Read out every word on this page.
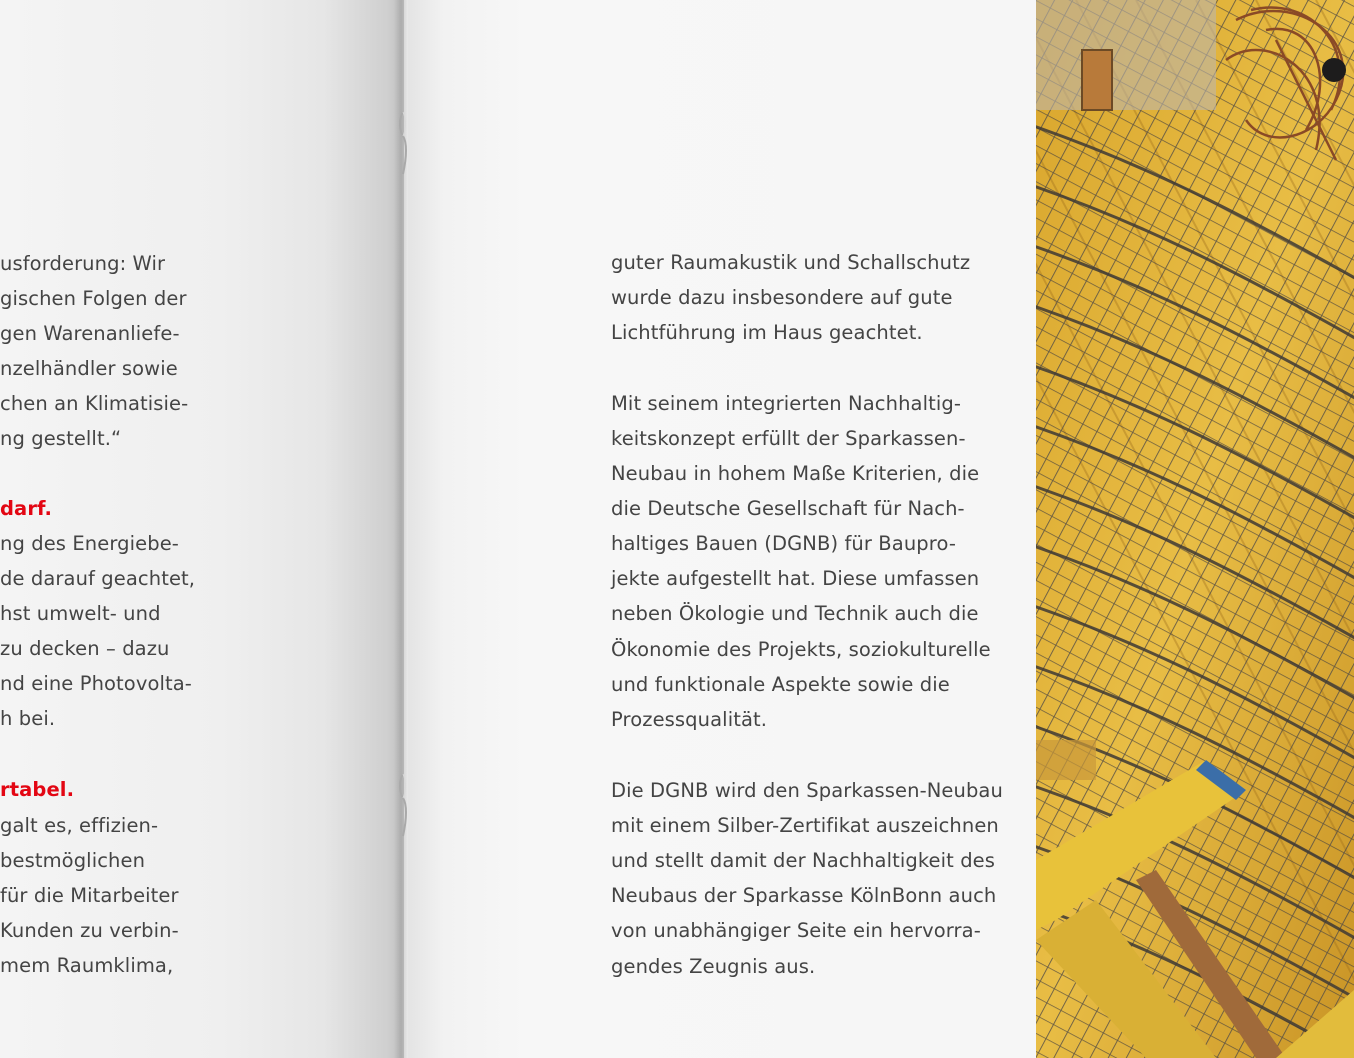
usforderung: Wir
gischen Folgen der
gen Warenanliefe-
nzelhändler sowie
chen an Klimatisie-
ng gestellt.“
darf.
ng des Energiebe-
de darauf geachtet,
hst umwelt- und
zu decken – dazu
nd eine Photovolta-
h bei.
rtabel.
galt es, effizien-
bestmöglichen
für die Mitarbeiter
Kunden zu verbin-
mem Raumklima,
guter Raumakustik und Schallschutz
wurde dazu insbesondere auf gute
Lichtführung im Haus geachtet.
Mit seinem integrierten Nachhaltig-
keitskonzept erfüllt der Sparkassen-
Neubau in hohem Maße Kriterien, die
die Deutsche Gesellschaft für Nach-
haltiges Bauen (DGNB) für Baupro-
jekte aufgestellt hat. Diese umfassen
neben Ökologie und Technik auch die
Ökonomie des Projekts, soziokulturelle
und funktionale Aspekte sowie die
Prozessqualität.
Die DGNB wird den Sparkassen-Neubau
mit einem Silber-Zertifikat auszeichnen
und stellt damit der Nachhaltigkeit des
Neubaus der Sparkasse KölnBonn auch
von unabhängiger Seite ein hervorra-
gendes Zeugnis aus.
